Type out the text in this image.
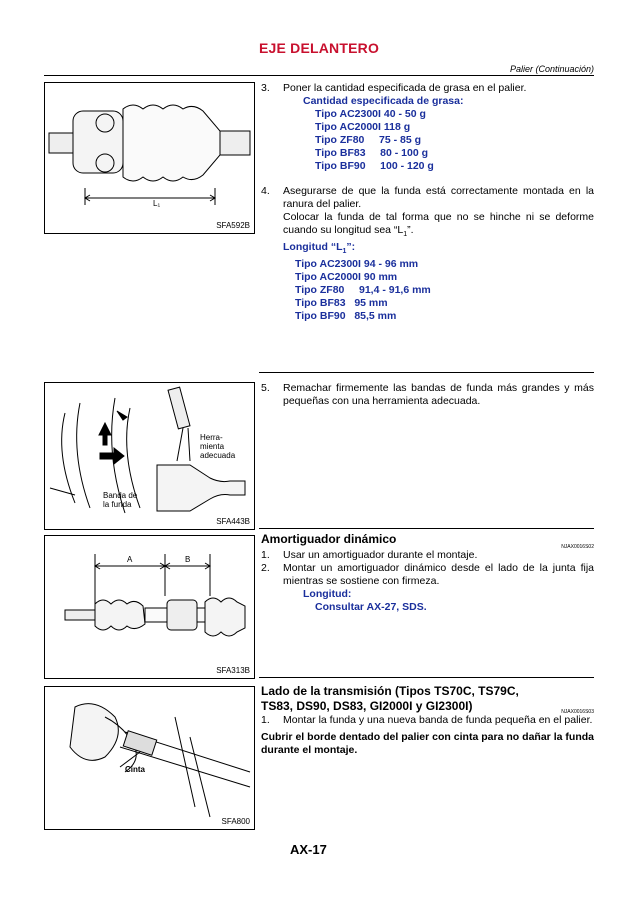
EJE DELANTERO
Palier (Continuación)
L₁
SFA592B
3.	Poner la cantidad especificada de grasa en el palier.
Cantidad especificada de grasa:
Tipo AC2300I 40 - 50 g
Tipo AC2000I 118 g
Tipo ZF80     75 - 85 g
Tipo BF83     80 - 100 g
Tipo BF90     100 - 120 g
4.	Asegurarse de que la funda está correctamente montada en la ranura del palier.
Colocar la funda de tal forma que no se hinche ni se deforme cuando su longitud sea “$L_1$”.
Longitud “$L_1$”:
Tipo AC2300I 94 - 96 mm
Tipo AC2000I 90 mm
Tipo ZF80     91,4 - 91,6 mm
Tipo BF83   95 mm
Tipo BF90   85,5 mm
Herra-
mienta
adecuada
Banda de
la funda
SFA443B
5.	Remachar firmemente las bandas de funda más grandes y más pequeñas con una herramienta adecuada.
A	B
SFA313B
Amortiguador dinámico
NJAX0016S02
1.	Usar un amortiguador durante el montaje.
2.	Montar un amortiguador dinámico desde el lado de la junta fija mientras se sostiene con firmeza.
Longitud:
Consultar AX-27, SDS.
Cinta
SFA800
Lado de la transmisión (Tipos TS70C, TS79C, TS83, DS90, DS83, GI2000I y GI2300I)	NJAX0016S03
1.	Montar la funda y una nueva banda de funda pequeña en el palier.
Cubrir el borde dentado del palier con cinta para no dañar la funda durante el montaje.
AX-17
